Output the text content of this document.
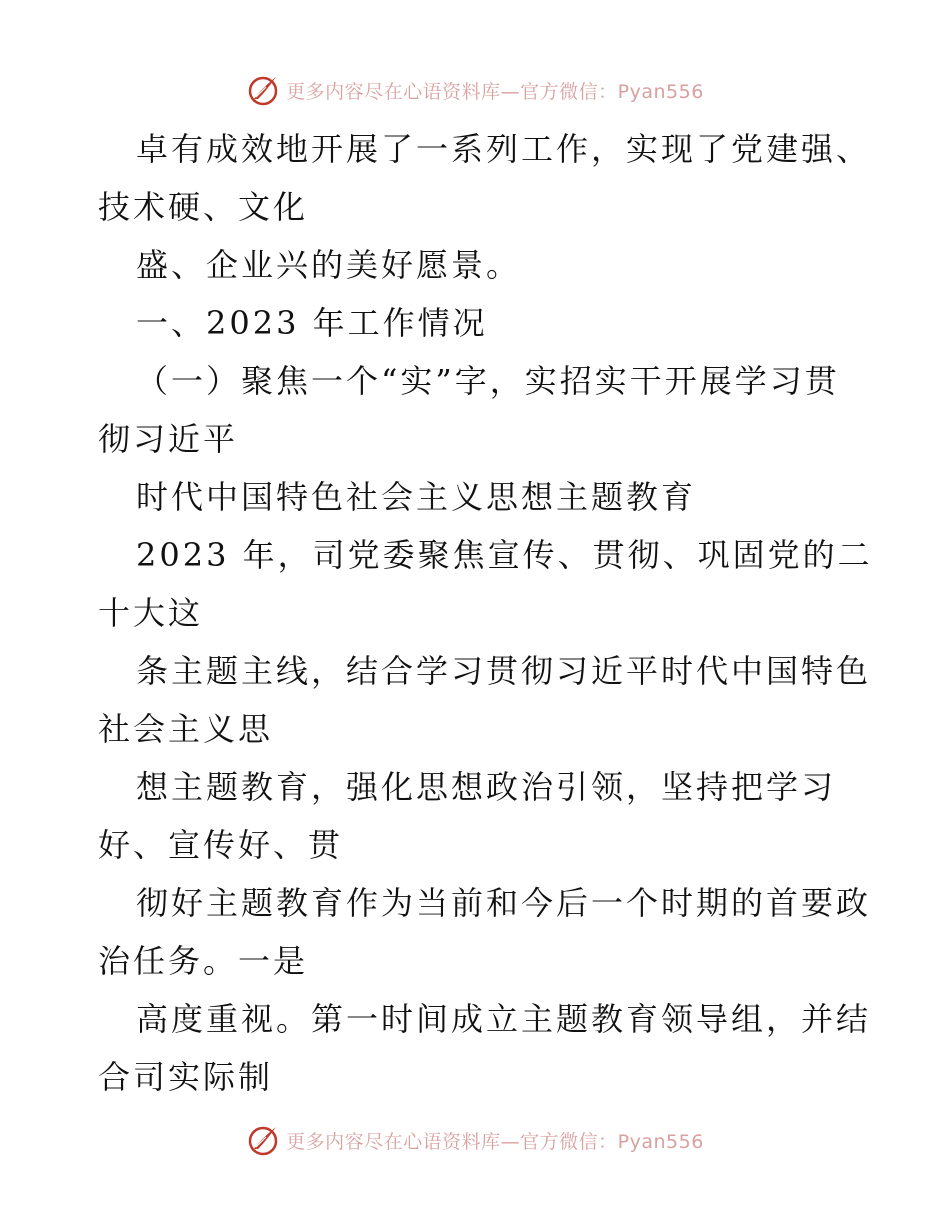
更多内容尽在心语资料库—官方微信：Pyan556
卓有成效地开展了一系列工作，实现了党建强、
技术硬、文化
盛、企业兴的美好愿景。
一、2023 年工作情况
（一）聚焦一个“实”字，实招实干开展学习贯
彻习近平
时代中国特色社会主义思想主题教育
2023 年，司党委聚焦宣传、贯彻、巩固党的二
十大这
条主题主线，结合学习贯彻习近平时代中国特色
社会主义思
想主题教育，强化思想政治引领，坚持把学习
好、宣传好、贯
彻好主题教育作为当前和今后一个时期的首要政
治任务。一是
高度重视。第一时间成立主题教育领导组，并结
合司实际制
更多内容尽在心语资料库—官方微信：Pyan556
